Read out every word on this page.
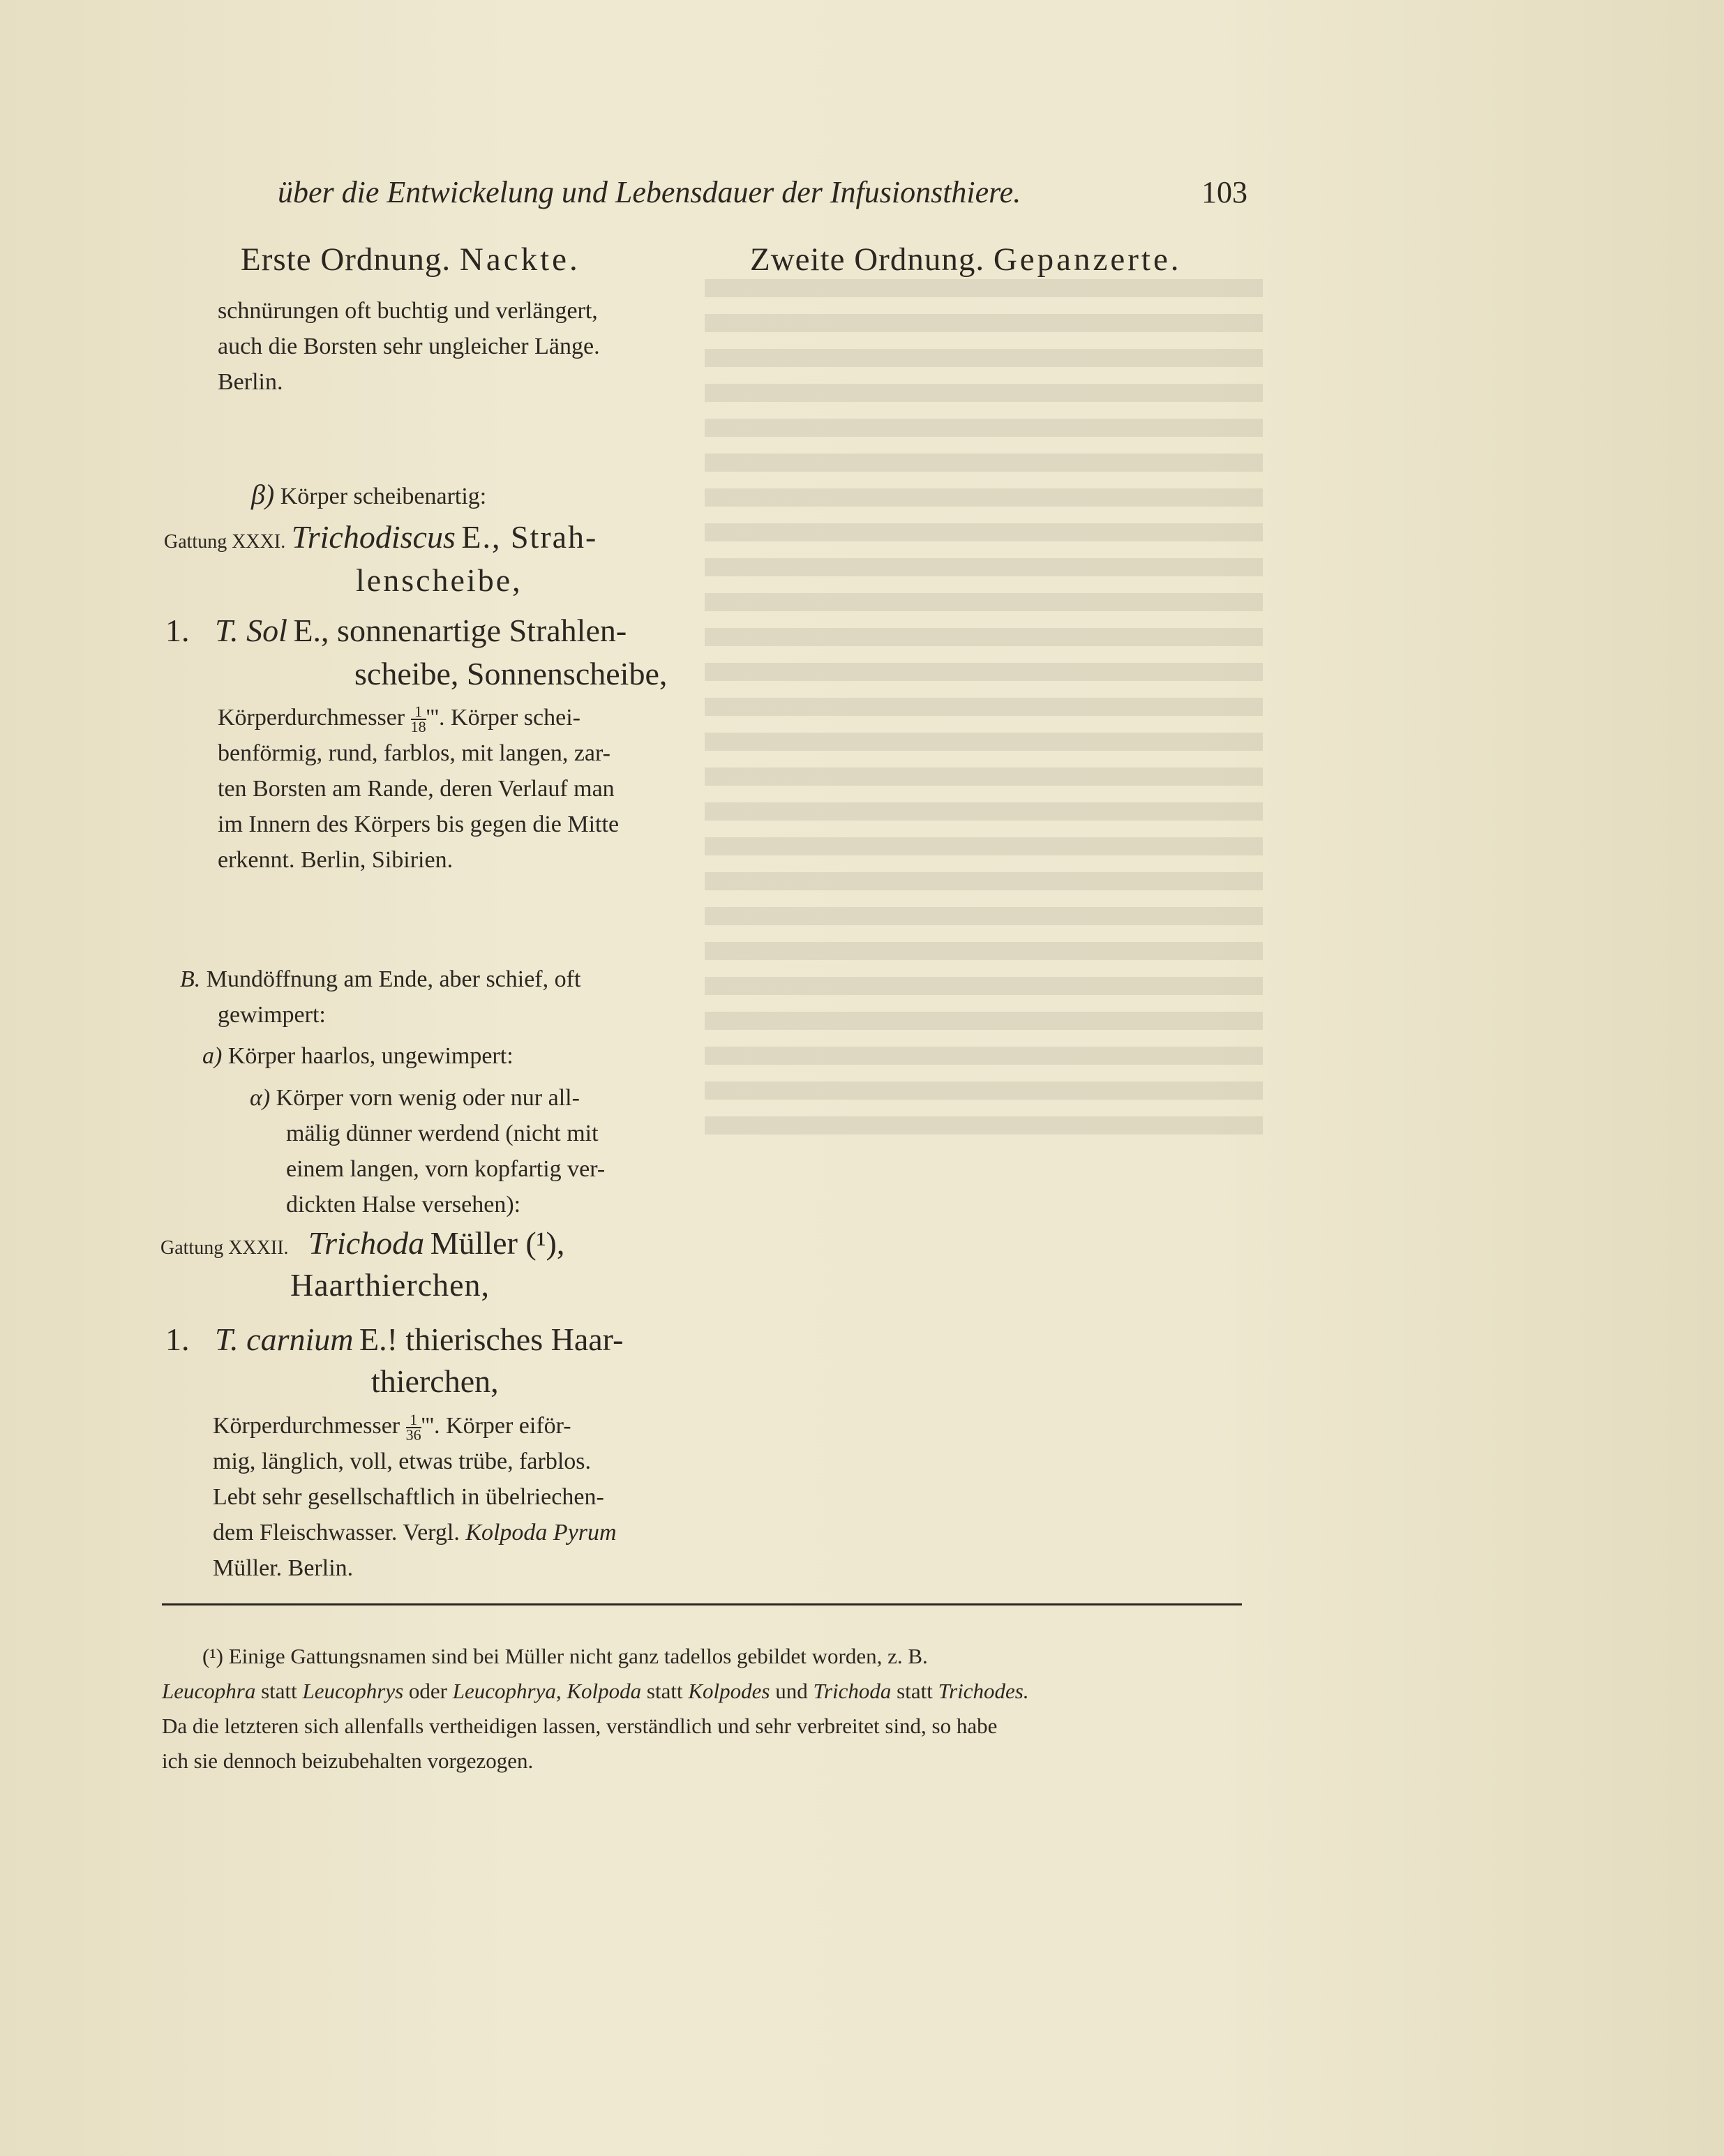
über die Entwickelung und Lebensdauer der Infusionsthiere.	103
Erste Ordnung. Nackte.	Zweite Ordnung. Gepanzerte.
schnürungen oft buchtig und verlängert,
auch die Borsten sehr ungleicher Länge.
Berlin.
β) Körper scheibenartig:
Gattung XXXI. Trichodiscus E., Strah-
lenscheibe,
1. T. Sol E., sonnenartige Strahlen-
scheibe, Sonnenscheibe,
Körperdurchmesser $\frac{1}{18}$ '''. Körper schei-
benförmig, rund, farblos, mit langen, zar-
ten Borsten am Rande, deren Verlauf man
im Innern des Körpers bis gegen die Mitte
erkennt. Berlin, Sibirien.
B. Mundöffnung am Ende, aber schief, oft
gewimpert:
a) Körper haarlos, ungewimpert:
α) Körper vorn wenig oder nur all-
mälig dünner werdend (nicht mit
einem langen, vorn kopfartig ver-
dickten Halse versehen):
Gattung XXXII. Trichoda Müller (¹),
Haarthierchen,
1. T. carnium E.! thierisches Haar-
thierchen,
Körperdurchmesser $\frac{1}{36}$ '''. Körper eiför-
mig, länglich, voll, etwas trübe, farblos.
Lebt sehr gesellschaftlich in übelriechen-
dem Fleischwasser. Vergl. Kolpoda Pyrum
Müller. Berlin.
(¹) Einige Gattungsnamen sind bei Müller nicht ganz tadellos gebildet worden, z. B.
Leucophra statt Leucophrys oder Leucophrya, Kolpoda statt Kolpodes und Trichoda statt Trichodes.
Da die letzteren sich allenfalls vertheidigen lassen, verständlich und sehr verbreitet sind, so habe
ich sie dennoch beizubehalten vorgezogen.
